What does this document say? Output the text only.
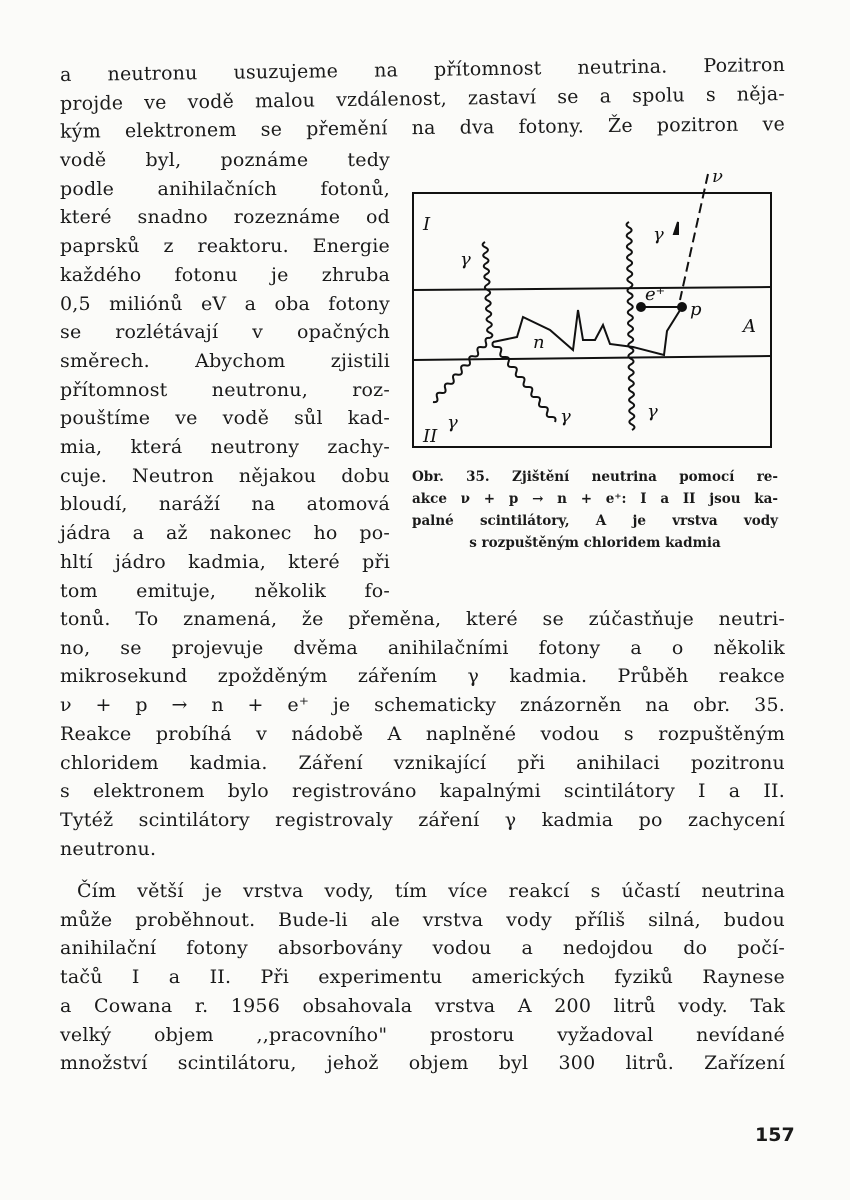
a neutronu usuzujeme na přítomnost neutrina. Pozitron
projde ve vodě malou vzdálenost, zastaví se a spolu s něja-
kým elektronem se přemění na dva fotony. Že pozitron ve
vodě byl, poznáme tedy
podle anihilačních fotonů,
které snadno rozeznáme od
paprsků z reaktoru. Energie
každého fotonu je zhruba
0,5 miliónů eV a oba fotony
se rozlétávají v opačných
směrech. Abychom zjistili
přítomnost neutronu, roz-
pouštíme ve vodě sůl kad-
mia, která neutrony zachy-
cuje. Neutron nějakou dobu
bloudí, naráží na atomová
jádra a až nakonec ho po-
hltí jádro kadmia, které při
tom emituje, několik fo-
tonů. To znamená, že přeměna, které se zúčastňuje neutri-
no, se projevuje dvěma anihilačními fotony a o několik
mikrosekund zpožděným zářením γ kadmia. Průběh reakce
ν + p → n + e⁺ je schematicky znázorněn na obr. 35.
Reakce probíhá v nádobě A naplněné vodou s rozpuštěným
chloridem kadmia. Záření vznikající při anihilaci pozitronu
s elektronem bylo registrováno kapalnými scintilátory I a II.
Tytéž scintilátory registrovaly záření γ kadmia po zachycení
neutronu.
Čím větší je vrstva vody, tím více reakcí s účastí neutrina
může proběhnout. Bude-li ale vrstva vody příliš silná, budou
anihilační fotony absorbovány vodou a nedojdou do počí-
tačů I a II. Při experimentu amerických fyziků Raynese
a Cowana r. 1956 obsahovala vrstva A 200 litrů vody. Tak
velký objem ,,pracovního" prostoru vyžadoval nevídané
množství scintilátoru, jehož objem byl 300 litrů. Zařízení
I
II
A
ν
e⁺
p
n
γ
γ
γ	γ	γ
Obr. 35. Zjištění neutrina pomocí re-
akce ν + p → n + e⁺: I a II jsou ka-
palné scintilátory, A je vrstva vody
s rozpuštěným chloridem kadmia
157
